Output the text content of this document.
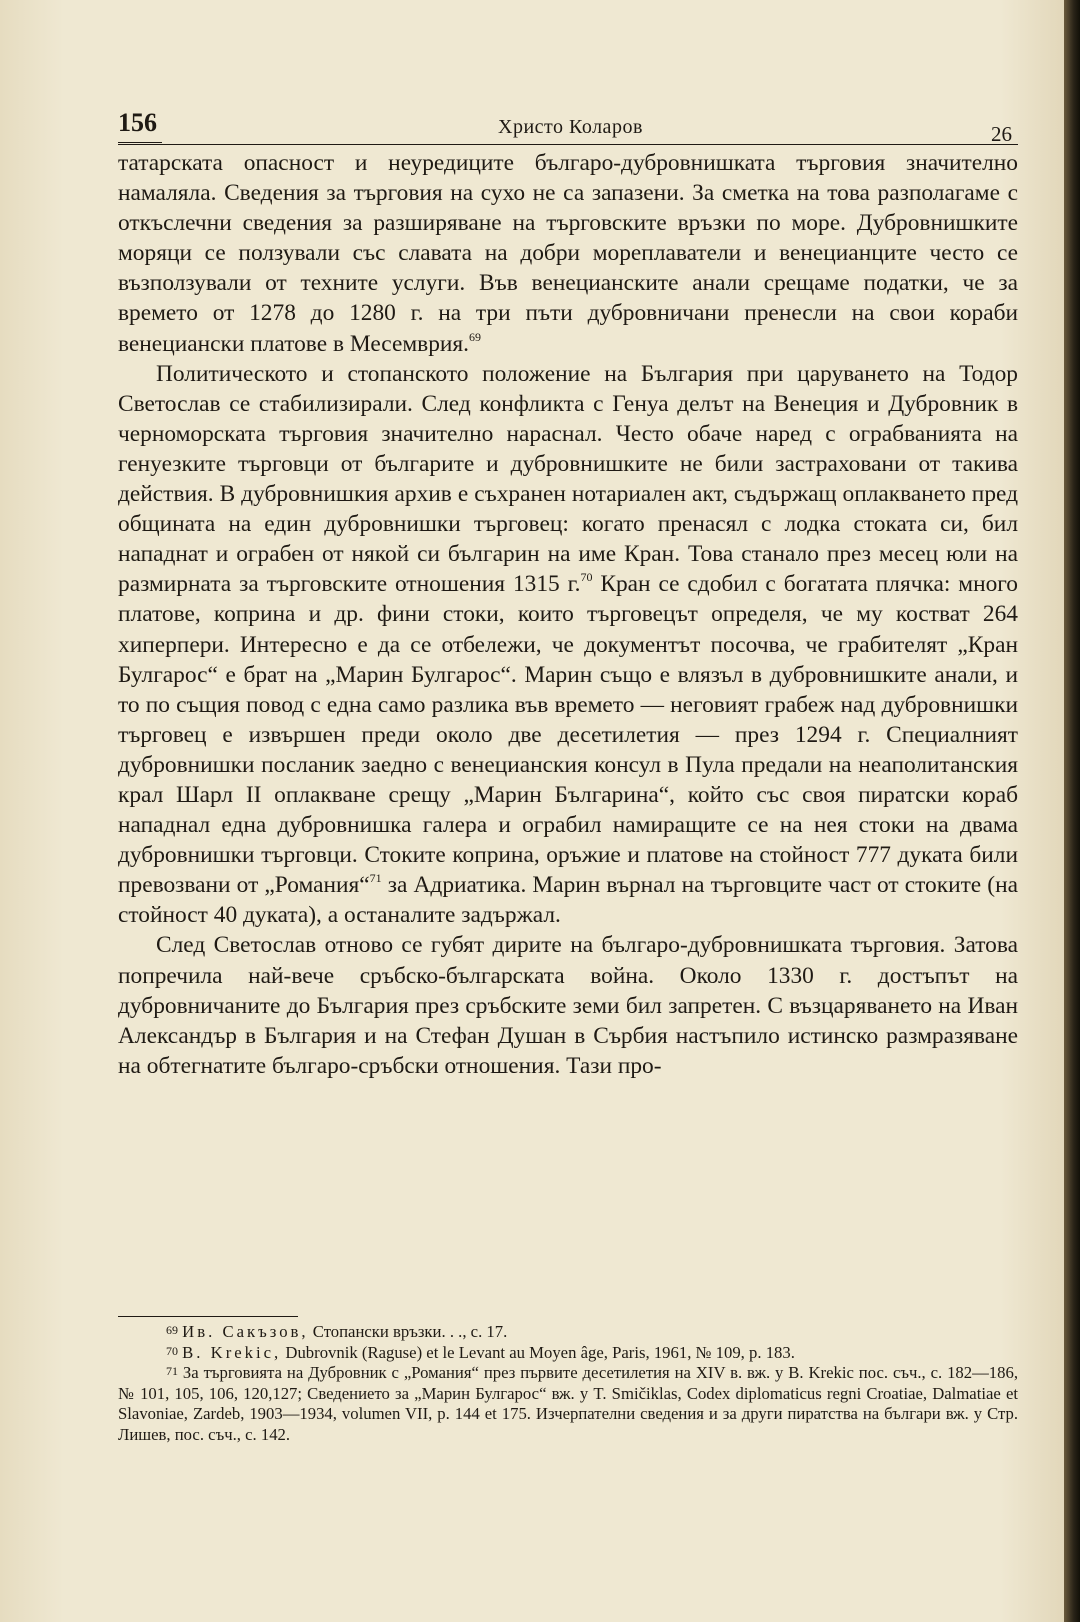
156	Христо Коларов	26

татарската опасност и неуредиците българо-дубровнишката търговия значително намаляла. Сведения за търговия на сухо не са запазени. За сметка на това разполагаме с откъслечни сведения за разширяване на търговските връзки по море. Дубровнишките моряци се ползували със славата на добри мореплаватели и венецианците често се възползували от техните услуги. Във венецианските анали срещаме податки, че за времето от 1278 до 1280 г. на три пъти дубровничани пренесли на свои кораби венециански платове в Месемврия.$^{69}$

Политическото и стопанското положение на България при царуването на Тодор Светослав се стабилизирали. След конфликта с Генуа делът на Венеция и Дубровник в черноморската търговия значително нараснал. Често обаче наред с ограбванията на генуезките търговци от българите и дубровнишките не били застраховани от такива действия. В дубровнишкия архив е съхранен нотариален акт, съдържащ оплакването пред общината на един дубровнишки търговец: когато пренасял с лодка стоката си, бил нападнат и ограбен от някой си българин на име Кран. Това станало през месец юли на размирната за търговските отношения 1315 г.$^{70}$ Кран се сдобил с богатата плячка: много платове, коприна и др. фини стоки, които търговецът определя, че му костват 264 хиперпери. Интересно е да се отбележи, че документът посочва, че грабителят „Кран Булгарос“ е брат на „Марин Булгарос“. Марин също е влязъл в дубровнишките анали, и то по същия повод с една само разлика във времето — неговият грабеж над дубровнишки търговец е извършен преди около две десетилетия — през 1294 г. Специалният дубровнишки посланик заедно с венецианския консул в Пула предали на неаполитанския крал Шарл II оплакване срещу „Марин Българина“, който със своя пиратски кораб нападнал една дубровнишка галера и ограбил намиращите се на нея стоки на двама дубровнишки търговци. Стоките коприна, оръжие и платове на стойност 777 дуката били превозвани от „Романия“$^{71}$ за Адриатика. Марин върнал на търговците част от стоките (на стойност 40 дуката), а останалите задържал.

След Светослав отново се губят дирите на българо-дубровнишката търговия. Затова попречила най-вече сръбско-българската война. Около 1330 г. достъпът на дубровничаните до България през сръбските земи бил запретен. С възцаряването на Иван Александър в България и на Стефан Душан в Сърбия настъпило истинско размразяване на обтегнатите българо-сръбски отношения. Тази про-

$^{69}$ Ив. Сакъзов, Стопански връзки. . ., с. 17.

$^{70}$ B. Krekic, Dubrovnik (Raguse) et le Levant au Moyen âge, Paris, 1961, № 109, p. 183.

$^{71}$ За търговията на Дубровник с „Романия“ през първите десетилетия на XIV в. вж. у В. Krekic пос. съч., с. 182—186, № 101, 105, 106, 120,127; Сведението за „Марин Булгарос“ вж. у T. Smičiklas, Codex diplomaticus regni Croatiae, Dalmatiae et Slavoniae, Zardeb, 1903—1934, volumen VII, p. 144 et 175. Изчерпателни сведения и за други пиратства на българи вж. у Стр. Лишев, пос. съч., с. 142.
